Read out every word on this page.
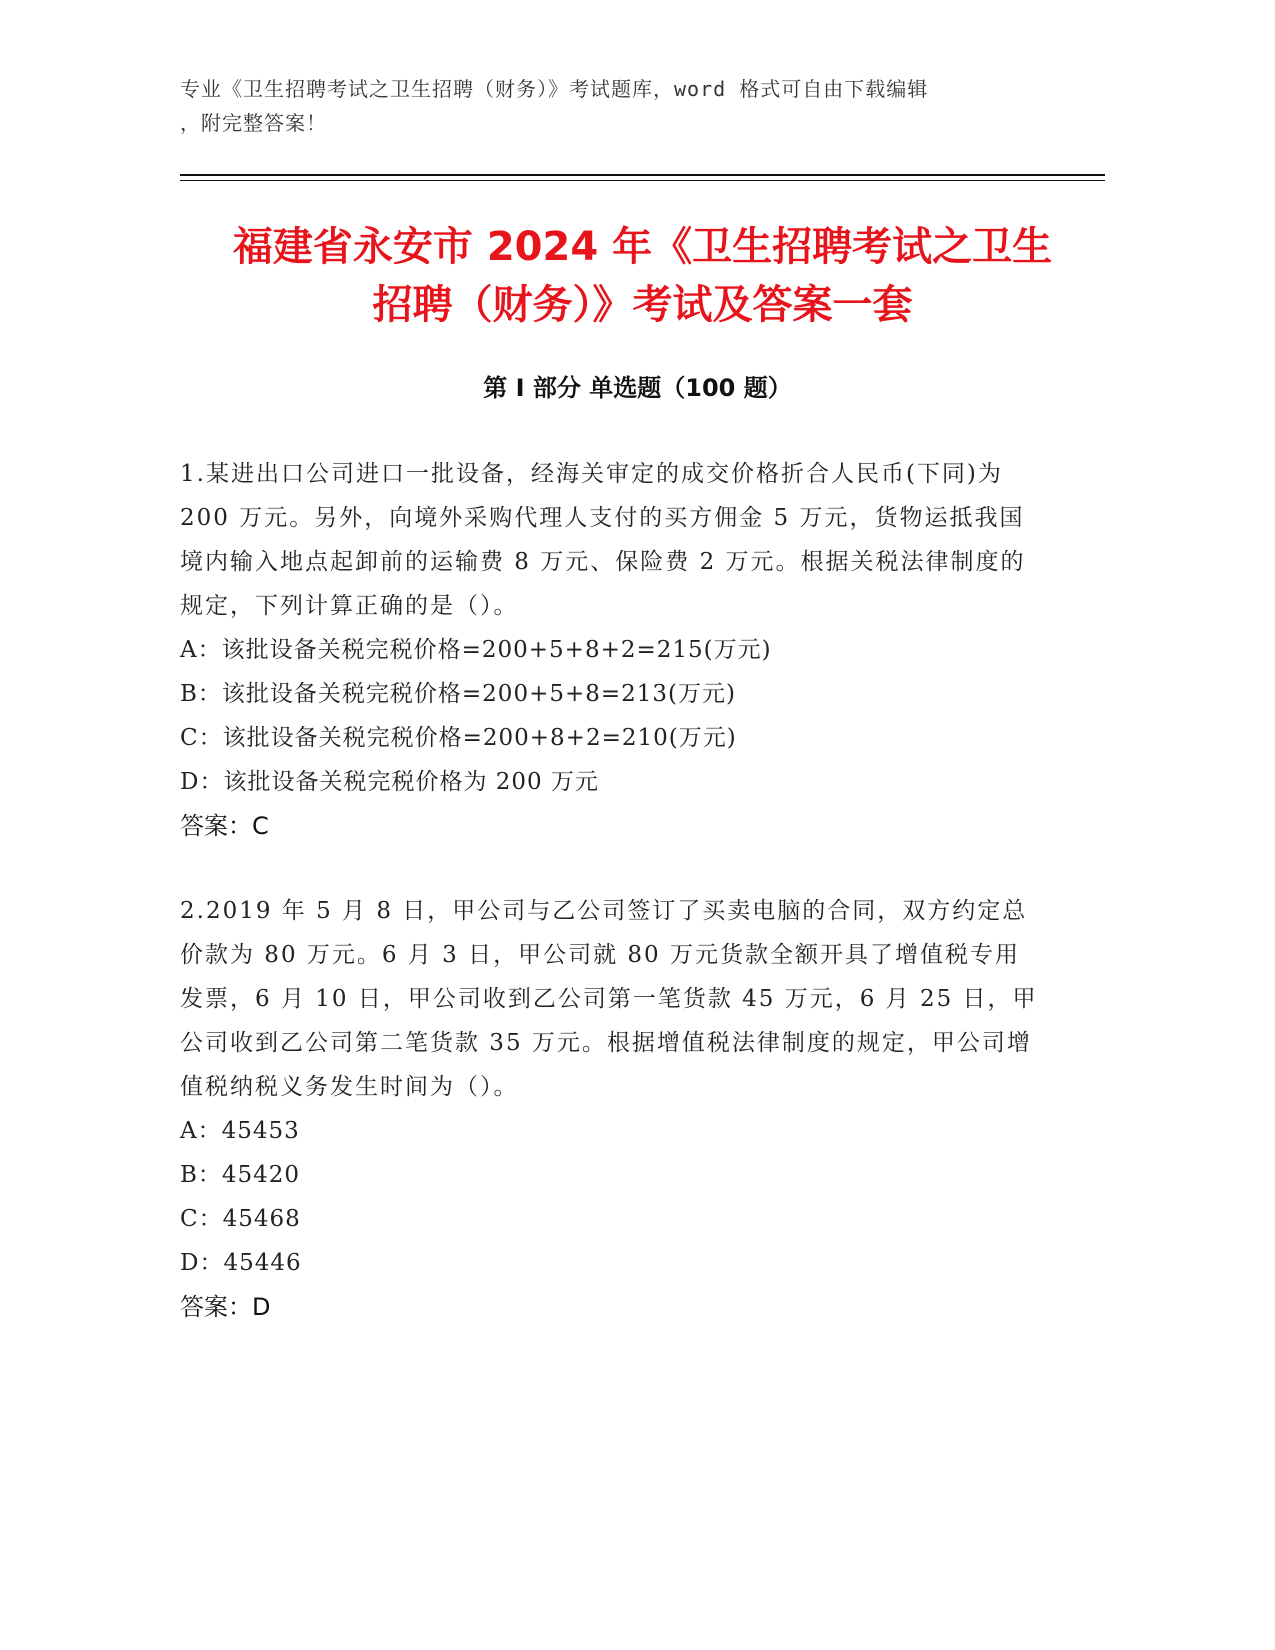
专业《卫生招聘考试之卫生招聘（财务）》考试题库，word 格式可自由下载编辑
，附完整答案！
福建省永安市 2024 年《卫生招聘考试之卫生
招聘（财务）》考试及答案一套
第 I 部分 单选题（100 题）

1.某进出口公司进口一批设备，经海关审定的成交价格折合人民币(下同)为 200 万元。另外，向境外采购代理人支付的买方佣金 5 万元，货物运抵我国境内输入地点起卸前的运输费 8 万元、保险费 2 万元。根据关税法律制度的规定，下列计算正确的是（）。

A：该批设备关税完税价格=200+5+8+2=215(万元)

B：该批设备关税完税价格=200+5+8=213(万元)

C：该批设备关税完税价格=200+8+2=210(万元)

D：该批设备关税完税价格为 200 万元

答案：C

2.2019 年 5 月 8 日，甲公司与乙公司签订了买卖电脑的合同，双方约定总价款为 80 万元。6 月 3 日，甲公司就 80 万元货款全额开具了增值税专用发票，6 月 10 日，甲公司收到乙公司第一笔货款 45 万元，6 月 25 日，甲公司收到乙公司第二笔货款 35 万元。根据增值税法律制度的规定，甲公司增值税纳税义务发生时间为（）。

A：45453

B：45420

C：45468

D：45446

答案：D
